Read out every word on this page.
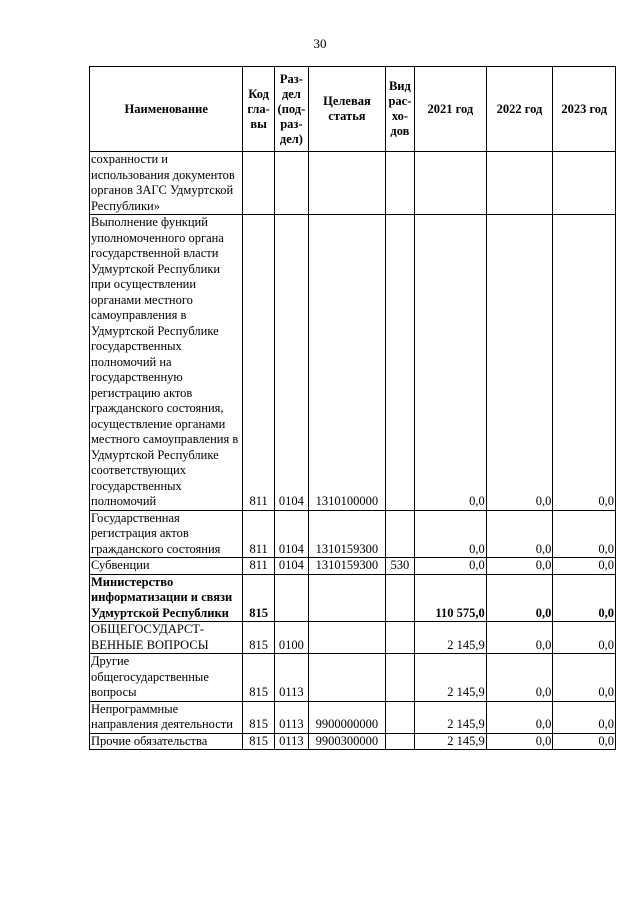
30
Наименование	Код гла-вы	Раз-дел (под-раз-дел)	Целевая статья	Вид рас-хо-дов	2021 год	2022 год	2023 год
сохранности и использования документов органов ЗАГС Удмуртской Республики»							
Выполнение функций уполномоченного органа государственной власти Удмуртской Республики при осуществлении органами местного самоуправления в Удмуртской Республике государственных полномочий на государственную регистрацию актов гражданского состояния, осуществление органами местного самоуправления в Удмуртской Республике соответствующих государственных полномочий	811	0104	1310100000		0,0	0,0	0,0
Государственная регистрация актов гражданского состояния	811	0104	1310159300		0,0	0,0	0,0
Субвенции	811	0104	1310159300	530	0,0	0,0	0,0
Министерство информатизации и связи Удмуртской Республики	815				110 575,0	0,0	0,0
ОБЩЕГОСУДАРСТ-ВЕННЫЕ ВОПРОСЫ	815	0100			2 145,9	0,0	0,0
Другие общегосударственные вопросы	815	0113			2 145,9	0,0	0,0
Непрограммные направления деятельности	815	0113	9900000000		2 145,9	0,0	0,0
Прочие обязательства	815	0113	9900300000		2 145,9	0,0	0,0
